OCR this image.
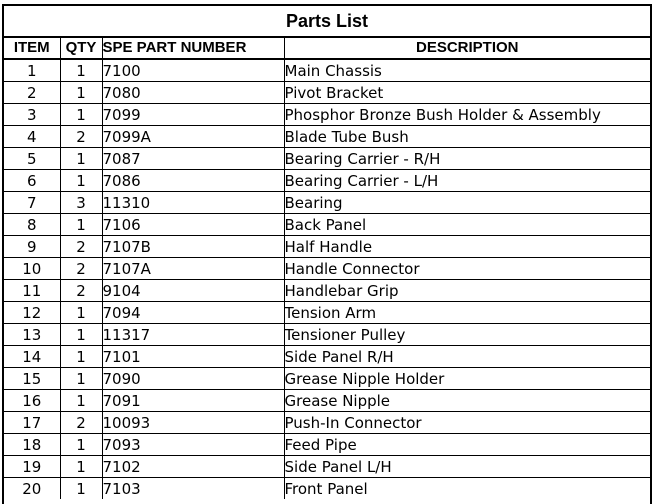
Parts List
ITEM	QTY	SPE PART NUMBER	DESCRIPTION
1	1	7100	Main Chassis
2	1	7080	Pivot Bracket
3	1	7099	Phosphor Bronze Bush Holder & Assembly
4	2	7099A	Blade Tube Bush
5	1	7087	Bearing Carrier - R/H
6	1	7086	Bearing Carrier - L/H
7	3	11310	Bearing
8	1	7106	Back Panel
9	2	7107B	Half Handle
10	2	7107A	Handle Connector
11	2	9104	Handlebar Grip
12	1	7094	Tension Arm
13	1	11317	Tensioner Pulley
14	1	7101	Side Panel R/H
15	1	7090	Grease Nipple Holder
16	1	7091	Grease Nipple
17	2	10093	Push-In Connector
18	1	7093	Feed Pipe
19	1	7102	Side Panel L/H
20	1	7103	Front Panel
